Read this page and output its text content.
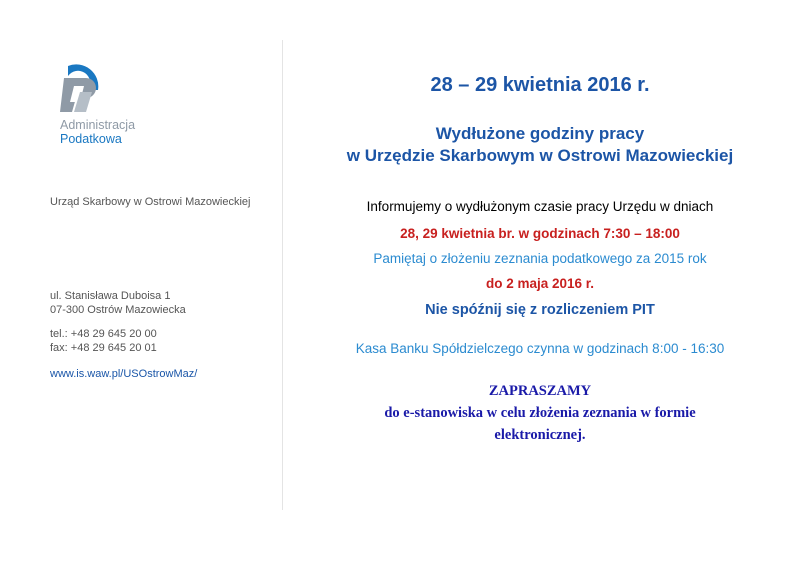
Administracja
Podatkowa
Urząd Skarbowy w Ostrowi Mazowieckiej
ul. Stanisława Duboisa 1
07-300 Ostrów Mazowiecka
tel.: +48 29 645 20 00
fax: +48 29 645 20 01
www.is.waw.pl/USOstrowMaz/
28 – 29 kwietnia 2016 r.
Wydłużone godziny pracy
w Urzędzie Skarbowym w Ostrowi Mazowieckiej
Informujemy o wydłużonym czasie pracy Urzędu w dniach
28, 29 kwietnia br. w godzinach 7:30 – 18:00
Pamiętaj o złożeniu zeznania podatkowego za 2015 rok
do 2 maja 2016 r.
Nie spóźnij się z rozliczeniem PIT
Kasa Banku Spółdzielczego czynna w godzinach 8:00 - 16:30
ZAPRASZAMY
do e-stanowiska w celu złożenia zeznania w formie
elektronicznej.
